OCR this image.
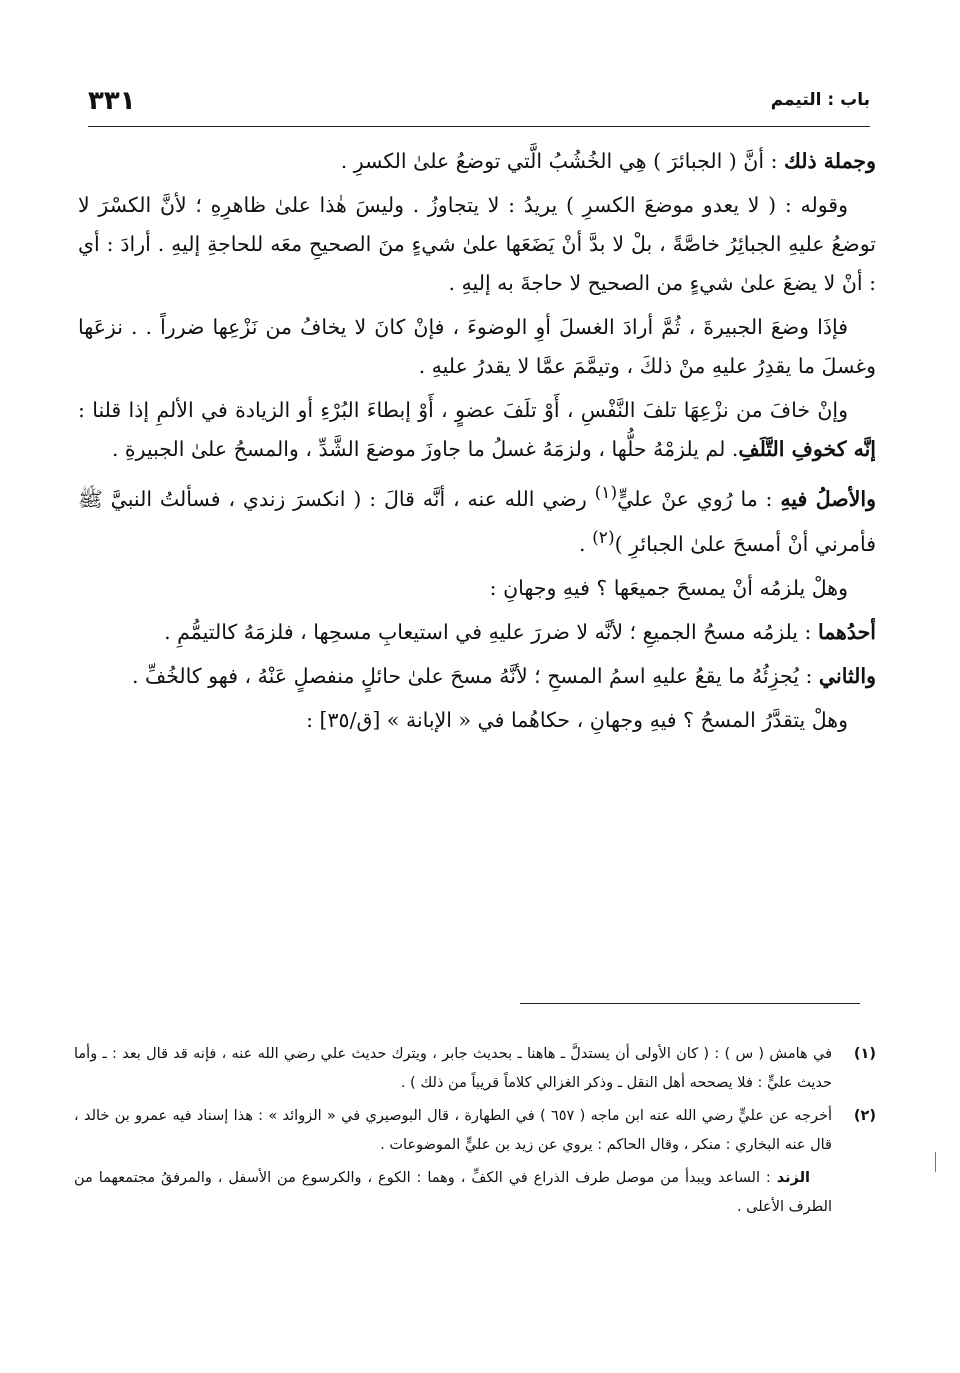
باب : التيمم
٣٣١

وجملة ذلك : أنَّ ( الجبائرَ ) هِي الخُشُبُ الَّتي توضعُ علىٰ الكسرِ .

وقوله : ( لا يعدو موضعَ الكسرِ ) يريدُ : لا يتجاوزُ . وليسَ هٰذا علىٰ ظاهرِهِ ؛ لأنَّ الكسْرَ لا توضعُ عليهِ الجبائِرُ خاصَّةً ، بلْ لا بدَّ أنْ يَضَعَها علىٰ شيءٍ منَ الصحيحِ معَه للحاجةِ إليهِ . أرادَ : أي : أنْ لا يضعَ علىٰ شيءٍ من الصحيح لا حاجةَ به إليهِ .

فإذَا وضعَ الجبيرةَ ، ثُمَّ أرادَ الغسلَ أوِ الوضوءَ ، فإنْ كانَ لا يخافُ من نَزْعِها ضرراً . . نزعَها وغسلَ ما يقدِرُ عليهِ منْ ذلكَ ، وتيمَّمَ عمَّا لا يقدرُ عليهِ .

وإنْ خافَ من نزْعِهَا تلفَ النَّفْسِ ، أَوْ تلَفَ عضوٍ ، أَوْ إبطاءَ البُرْءِ أو الزيادة في الألمِ إذا قلنا : إنَّه كخوفِ التَّلَفِ. لم يلزمْهُ حلُّها ، ولزمَهُ غسلُ ما جاوزَ موضعَ الشَّدِّ ، والمسحُ علىٰ الجبيرةِ .

والأصلُ فيهِ : ما رُوي عنْ عليٍّ$^{(١)}$ رضي الله عنه ، أنَّه قالَ : ( انكسرَ زندي ، فسألتُ النبيَّ ﷺ فأمرني أنْ أمسحَ علىٰ الجبائرِ )$^{(٢)}$ .

وهلْ يلزمُه أنْ يمسحَ جميعَها ؟ فيهِ وجهانِ :

أحدُهما : يلزمُه مسحُ الجميعِ ؛ لأنَّه لا ضررَ عليهِ في استيعابِ مسحِها ، فلزمَهُ كالتيمُّمِ .

والثاني : يُجزِئُهُ ما يقعُ عليهِ اسمُ المسحِ ؛ لأنَّهُ مسحَ علىٰ حائلٍ منفصلٍ عَنْهُ ، فهو كالخُفِّ .

وهلْ يتقدَّرُ المسحُ ؟ فيهِ وجهانِ ، حكاهُما في « الإبانة » [ق/٣٥] :

(١)
في هامش ( س ) : ( كان الأولى أن يستدلَّ ـ هاهنا ـ بحديث جابر ، ويترك حديث علي رضي الله عنه ، فإنه قد قال بعد : ـ وأما حديث عليٍّ : فلا يصححه أهل النقل ـ وذكر الغزالي كلاماً قريباً من ذلك ) .
(٢)
أخرجه عن عليٍّ رضي الله عنه ابن ماجه ( ٦٥٧ ) في الطهارة ، قال البوصيري في « الزوائد » : هذا إسناد فيه عمرو بن خالد ، قال عنه البخاري : منكر ، وقال الحاكم : يروي عن زيد بن عليٍّ الموضوعات .
الزند : الساعد ويبدأ من موصل طرف الذراع في الكفِّ ، وهما : الكوع ، والكرسوع من الأسفل ، والمرفقُ مجتمعهما من الطرف الأعلى .
